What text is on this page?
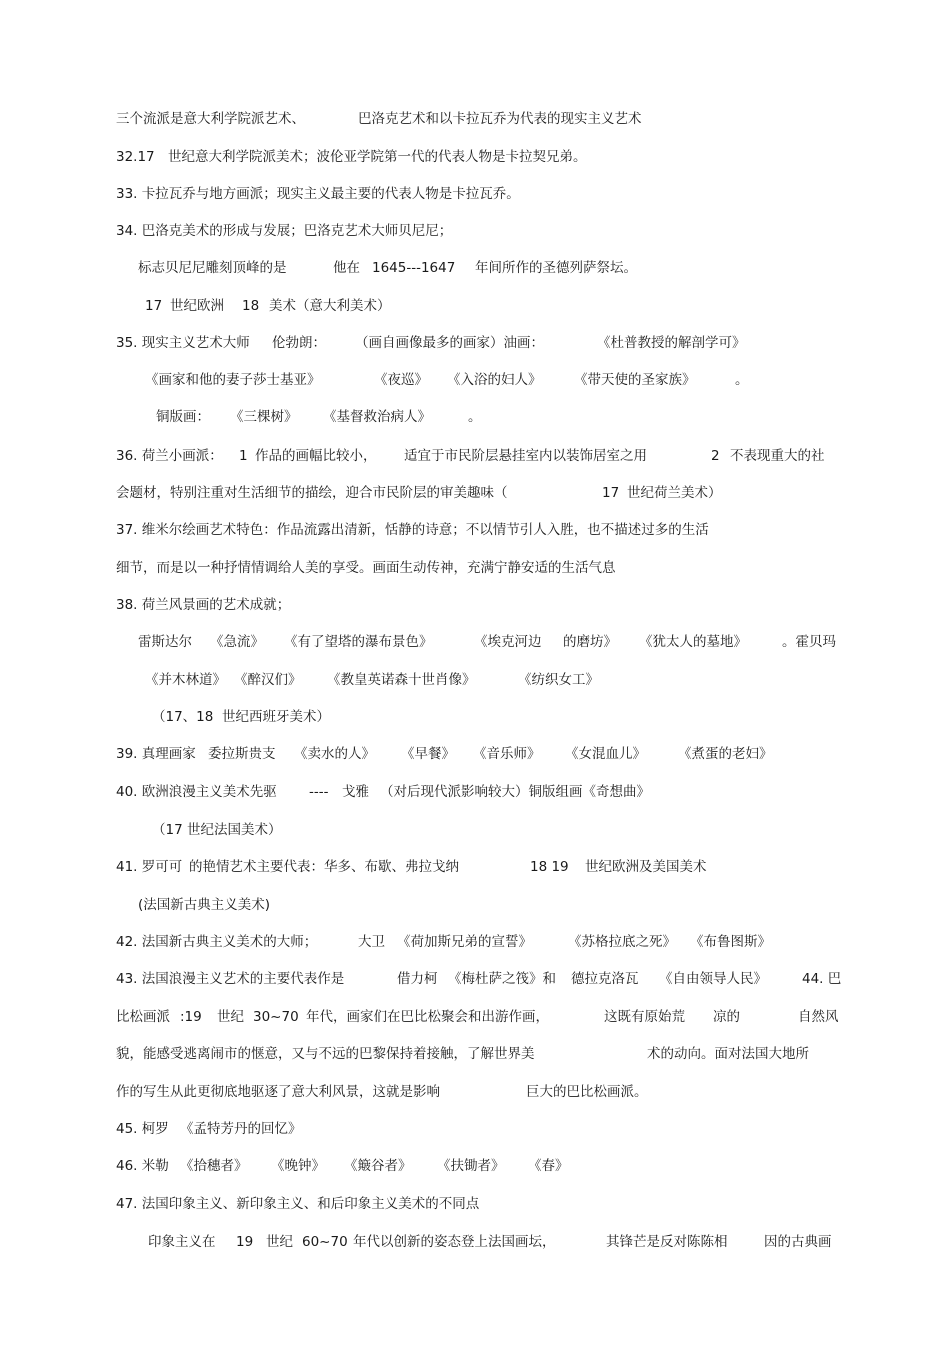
三个流派是意大利学院派艺术、	巴洛克艺术和以卡拉瓦乔为代表的现实主义艺术
32.17 世纪意大利学院派美术；波伦亚学院第一代的代表人物是卡拉契兄弟。
33. 卡拉瓦乔与地方画派；现实主义最主要的代表人物是卡拉瓦乔。
34. 巴洛克美术的形成与发展；巴洛克艺术大师贝尼尼；
标志贝尼尼雕刻顶峰的是	他在 1645---1647 年间所作的圣德列萨祭坛。
17 世纪欧洲 18 美术（意大利美术）
35. 现实主义艺术大师 伦勃朗： （画自画像最多的画家）油画：	《杜普教授的解剖学可》
《画家和他的妻子莎士基亚》	《夜巡》 《入浴的妇人》 《带天使的圣家族》	。
铜版画： 《三棵树》 《基督救治病人》	。
36. 荷兰小画派： 1 作品的画幅比较小， 适宜于市民阶层悬挂室内以装饰居室之用	2 不表现重大的社
会题材，特别注重对生活细节的描绘，迎合市民阶层的审美趣味（	17 世纪荷兰美术）
37. 维米尔绘画艺术特色：作品流露出清新，恬静的诗意；不以情节引人入胜，也不描述过多的生活
细节，而是以一种抒情情调给人美的享受。画面生动传神，充满宁静安适的生活气息
38. 荷兰风景画的艺术成就；
雷斯达尔 《急流》 《有了望塔的瀑布景色》	《埃克河边 的磨坊》 《犹太人的墓地》	。霍贝玛
《并木林道》 《醉汉们》 《教皇英诺森十世肖像》	《纺织女工》
（17、18 世纪西班牙美术）
39. 真理画家 委拉斯贵支 《卖水的人》 《早餐》 《音乐师》 《女混血儿》 《煮蛋的老妇》
40. 欧洲浪漫主义美术先驱 ---- 戈雅 （对后现代派影响较大）铜版组画《奇想曲》
（17 世纪法国美术）
41. 罗可可 的艳情艺术主要代表：华多、布歇、弗拉戈纳	18 19 世纪欧洲及美国美术
(法国新古典主义美术)
42. 法国新古典主义美术的大师；	大卫 《荷加斯兄弟的宣誓》	《苏格拉底之死》 《布鲁图斯》
43. 法国浪漫主义艺术的主要代表作是	借力柯 《梅杜萨之筏》和 德拉克洛瓦 《自由领导人民》	44. 巴
比松画派 :19 世纪 30~70 年代，画家们在巴比松聚会和出游作画，	这既有原始荒 凉的	自然风
貌，能感受逃离闹市的惬意，又与不远的巴黎保持着接触，了解世界美	术的动向。面对法国大地所
作的写生从此更彻底地驱逐了意大利风景，这就是影响	巨大的巴比松画派。
45. 柯罗 《孟特芳丹的回忆》
46. 米勒 《拾穗者》 《晚钟》 《簸谷者》 《扶锄者》 《春》
47. 法国印象主义、新印象主义、和后印象主义美术的不同点
印象主义在 19 世纪 60~70 年代以创新的姿态登上法国画坛，	其锋芒是反对陈陈相	因的古典画
